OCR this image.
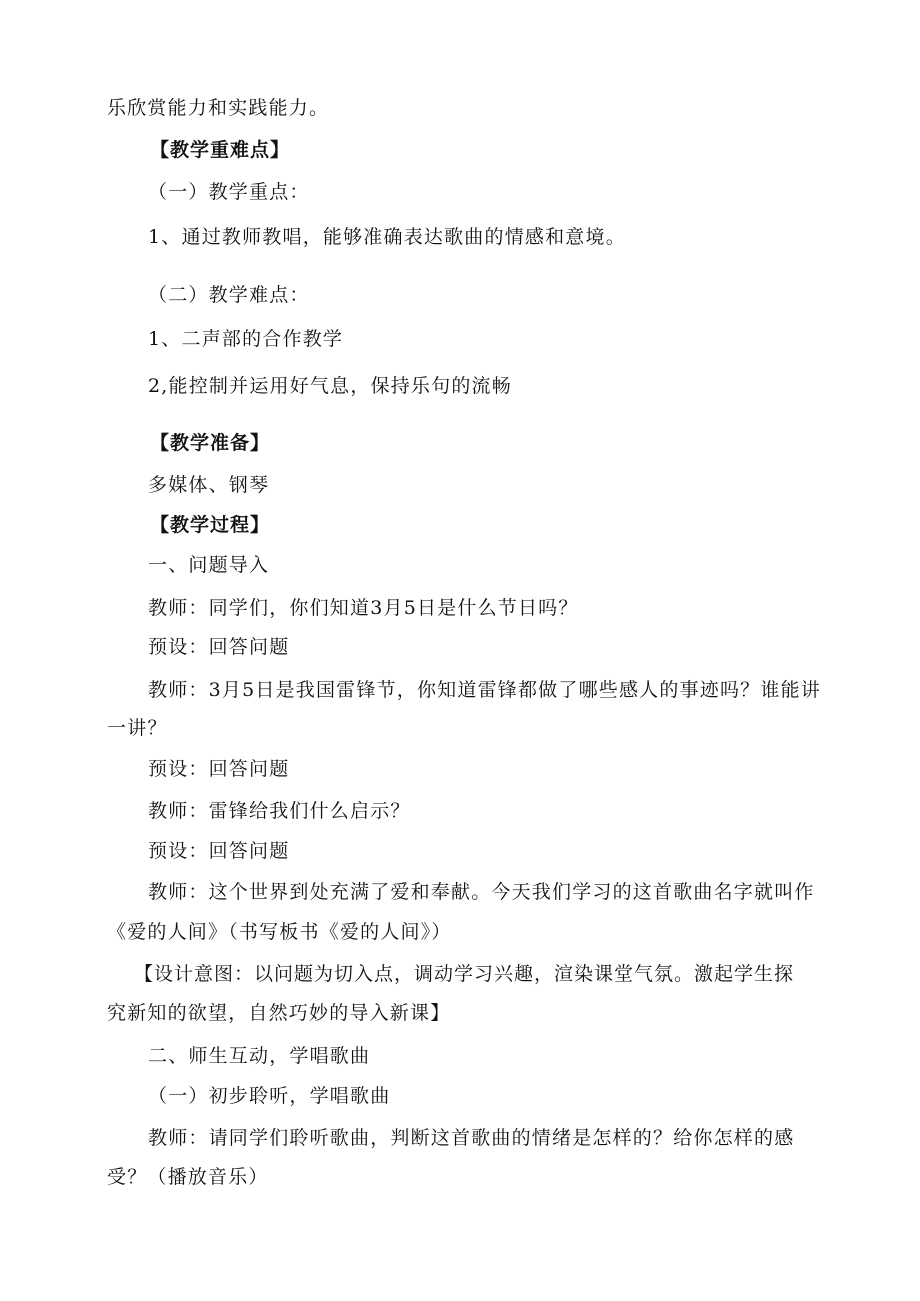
乐欣赏能力和实践能力。
【教学重难点】
（一）教学重点：
1、通过教师教唱，能够准确表达歌曲的情感和意境。
（二）教学难点：
1、二声部的合作教学
2,能控制并运用好气息，保持乐句的流畅
【教学准备】
多媒体、钢琴
【教学过程】
一、问题导入
教师：同学们，你们知道3月5日是什么节日吗？
预设：回答问题
教师：3月5日是我国雷锋节，你知道雷锋都做了哪些感人的事迹吗？谁能讲
一讲？
预设：回答问题
教师：雷锋给我们什么启示？
预设：回答问题
教师：这个世界到处充满了爱和奉献。今天我们学习的这首歌曲名字就叫作
《爱的人间》（书写板书《爱的人间》）
【设计意图：以问题为切入点，调动学习兴趣，渲染课堂气氛。激起学生探
究新知的欲望，自然巧妙的导入新课】
二、师生互动，学唱歌曲
（一）初步聆听，学唱歌曲
教师：请同学们聆听歌曲，判断这首歌曲的情绪是怎样的？给你怎样的感
受？（播放音乐）
